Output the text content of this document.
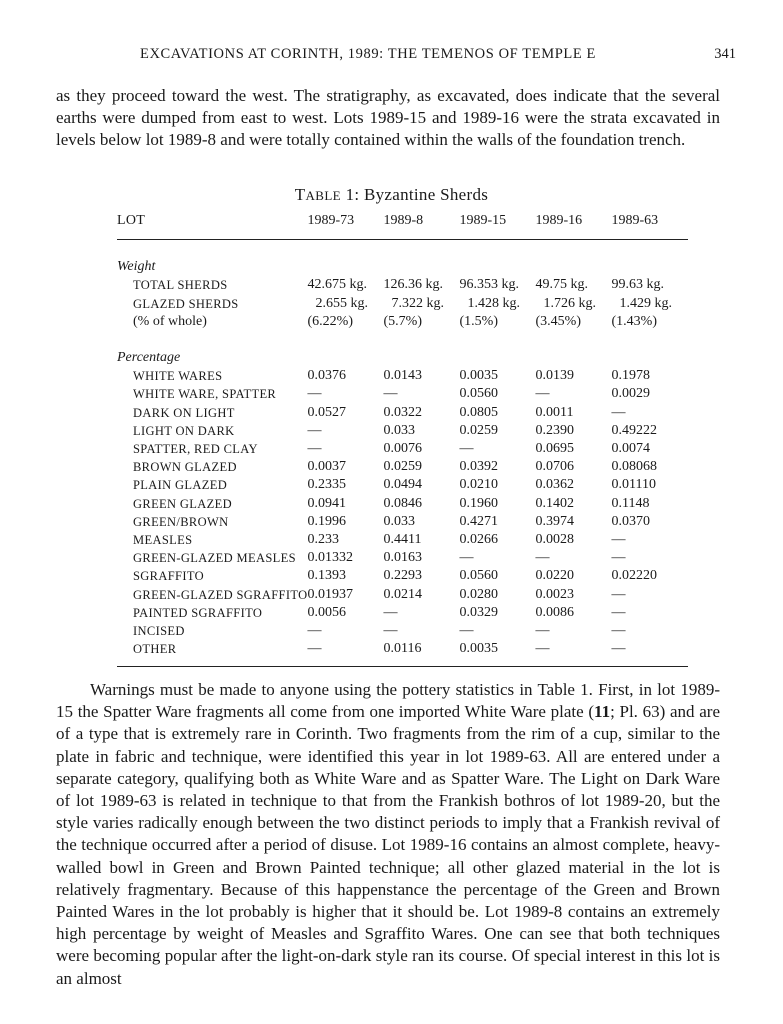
EXCAVATIONS AT CORINTH, 1989: THE TEMENOS OF TEMPLE E	341

as they proceed toward the west. The stratigraphy, as excavated, does indicate that the several earths were dumped from east to west. Lots 1989-15 and 1989-16 were the strata excavated in levels below lot 1989-8 and were totally contained within the walls of the foundation trench.

TABLE 1: Byzantine Sherds
LOT	1989-73	1989-8	1989-15	1989-16	1989-63

Weight					
TOTAL SHERDS	42.675 kg.	126.36 kg.	96.353 kg.	49.75 kg.	99.63 kg.
GLAZED SHERDS	2.655 kg.	7.322 kg.	1.428 kg.	1.726 kg.	1.429 kg.
(% of whole)	(6.22%)	(5.7%)	(1.5%)	(3.45%)	(1.43%)

Percentage					
WHITE WARES	0.0376	0.0143	0.0035	0.0139	0.1978
WHITE WARE, SPATTER	—	—	0.0560	—	0.0029
DARK ON LIGHT	0.0527	0.0322	0.0805	0.0011	—
LIGHT ON DARK	—	0.033	0.0259	0.2390	0.49222
SPATTER, RED CLAY	—	0.0076	—	0.0695	0.0074
BROWN GLAZED	0.0037	0.0259	0.0392	0.0706	0.08068
PLAIN GLAZED	0.2335	0.0494	0.0210	0.0362	0.01110
GREEN GLAZED	0.0941	0.0846	0.1960	0.1402	0.1148
GREEN/BROWN	0.1996	0.033	0.4271	0.3974	0.0370
MEASLES	0.233	0.4411	0.0266	0.0028	—
GREEN-GLAZED MEASLES	0.01332	0.0163	—	—	—
SGRAFFITO	0.1393	0.2293	0.0560	0.0220	0.02220
GREEN-GLAZED SGRAFFITO	0.01937	0.0214	0.0280	0.0023	—
PAINTED SGRAFFITO	0.0056	—	0.0329	0.0086	—
INCISED	—	—	—	—	—
OTHER	—	0.0116	0.0035	—	—

Warnings must be made to anyone using the pottery statistics in Table 1. First, in lot 1989-15 the Spatter Ware fragments all come from one imported White Ware plate (11; Pl. 63) and are of a type that is extremely rare in Corinth. Two fragments from the rim of a cup, similar to the plate in fabric and technique, were identified this year in lot 1989-63. All are entered under a separate category, qualifying both as White Ware and as Spatter Ware. The Light on Dark Ware of lot 1989-63 is related in technique to that from the Frankish bothros of lot 1989-20, but the style varies radically enough between the two distinct periods to imply that a Frankish revival of the technique occurred after a period of disuse. Lot 1989-16 contains an almost complete, heavy-walled bowl in Green and Brown Painted technique; all other glazed material in the lot is relatively fragmentary. Because of this happenstance the percentage of the Green and Brown Painted Wares in the lot probably is higher that it should be. Lot 1989-8 contains an extremely high percentage by weight of Measles and Sgraffito Wares. One can see that both techniques were becoming popular after the light-on-dark style ran its course. Of special interest in this lot is an almost
